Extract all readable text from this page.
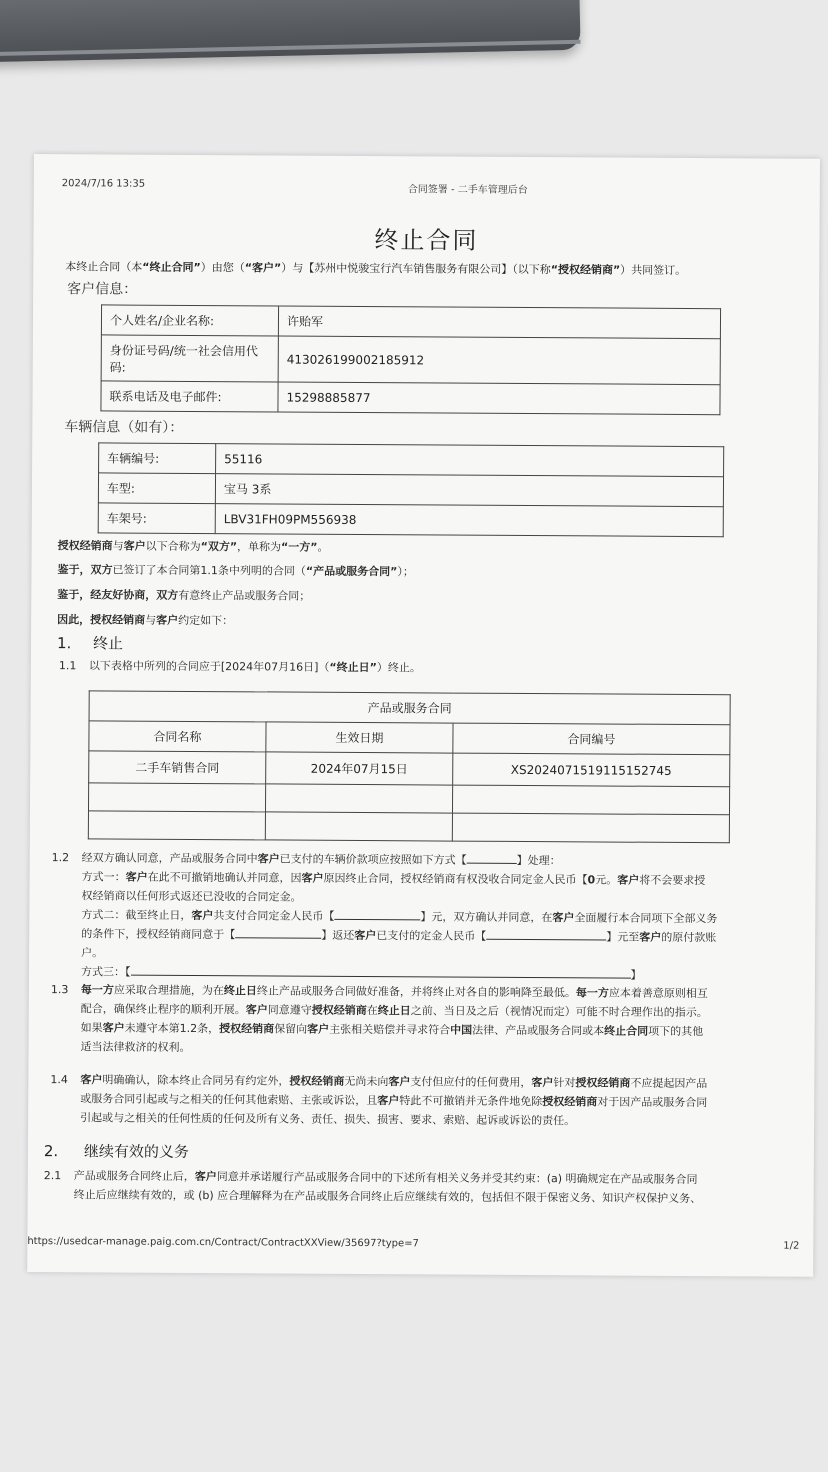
2024/7/16 13:35
合同签署 - 二手车管理后台
终止合同
本终止合同（本“终止合同”）由您（“客户”）与【苏州中悦骏宝行汽车销售服务有限公司】（以下称“授权经销商”）共同签订。
客户信息：
个人姓名/企业名称:	许贻军
身份证号码/统一社会信用代码:	413026199002185912
联系电话及电子邮件:	15298885877
车辆信息（如有）：
车辆编号:	55116
车型:	宝马 3系
车架号:	LBV31FH09PM556938
授权经销商与客户以下合称为“双方”，单称为“一方”。
鉴于，双方已签订了本合同第1.1条中列明的合同（“产品或服务合同”）；
鉴于，经友好协商，双方有意终止产品或服务合同；
因此，授权经销商与客户约定如下：
1. 终止
1.1 以下表格中所列的合同应于[2024年07月16日]（“终止日”）终止。
产品或服务合同		
合同名称	生效日期	合同编号
二手车销售合同	2024年07月15日	XS2024071519115152745

1.2 经双方确认同意，产品或服务合同中客户已支付的车辆价款项应按照如下方式【	】处理：
方式一：客户在此不可撤销地确认并同意，因客户原因终止合同，授权经销商有权没收合同定金人民币【0元。客户将不会要求授
权经销商以任何形式返还已没收的合同定金。
方式二：截至终止日，客户共支付合同定金人民币【	】元，双方确认并同意，在客户全面履行本合同项下全部义务
的条件下，授权经销商同意于【	】返还客户已支付的定金人民币【	】元至客户的原付款账
户。
方式三：【	】
1.3 每一方应采取合理措施，为在终止日终止产品或服务合同做好准备，并将终止对各自的影响降至最低。每一方应本着善意原则相互
配合，确保终止程序的顺利开展。客户同意遵守授权经销商在终止日之前、当日及之后（视情况而定）可能不时合理作出的指示。
如果客户未遵守本第1.2条，授权经销商保留向客户主张相关赔偿并寻求符合中国法律、产品或服务合同或本终止合同项下的其他
适当法律救济的权利。
1.4 客户明确确认，除本终止合同另有约定外，授权经销商无尚未向客户支付但应付的任何费用，客户针对授权经销商不应提起因产品
或服务合同引起或与之相关的任何其他索赔、主张或诉讼，且客户特此不可撤销并无条件地免除授权经销商对于因产品或服务合同
引起或与之相关的任何性质的任何及所有义务、责任、损失、损害、要求、索赔、起诉或诉讼的责任。
2. 继续有效的义务
2.1 产品或服务合同终止后，客户同意并承诺履行产品或服务合同中的下述所有相关义务并受其约束：(a) 明确规定在产品或服务合同
终止后应继续有效的，或 (b) 应合理解释为在产品或服务合同终止后应继续有效的，包括但不限于保密义务、知识产权保护义务、
https://usedcar-manage.paig.com.cn/Contract/ContractXXView/35697?type=7	1/2
